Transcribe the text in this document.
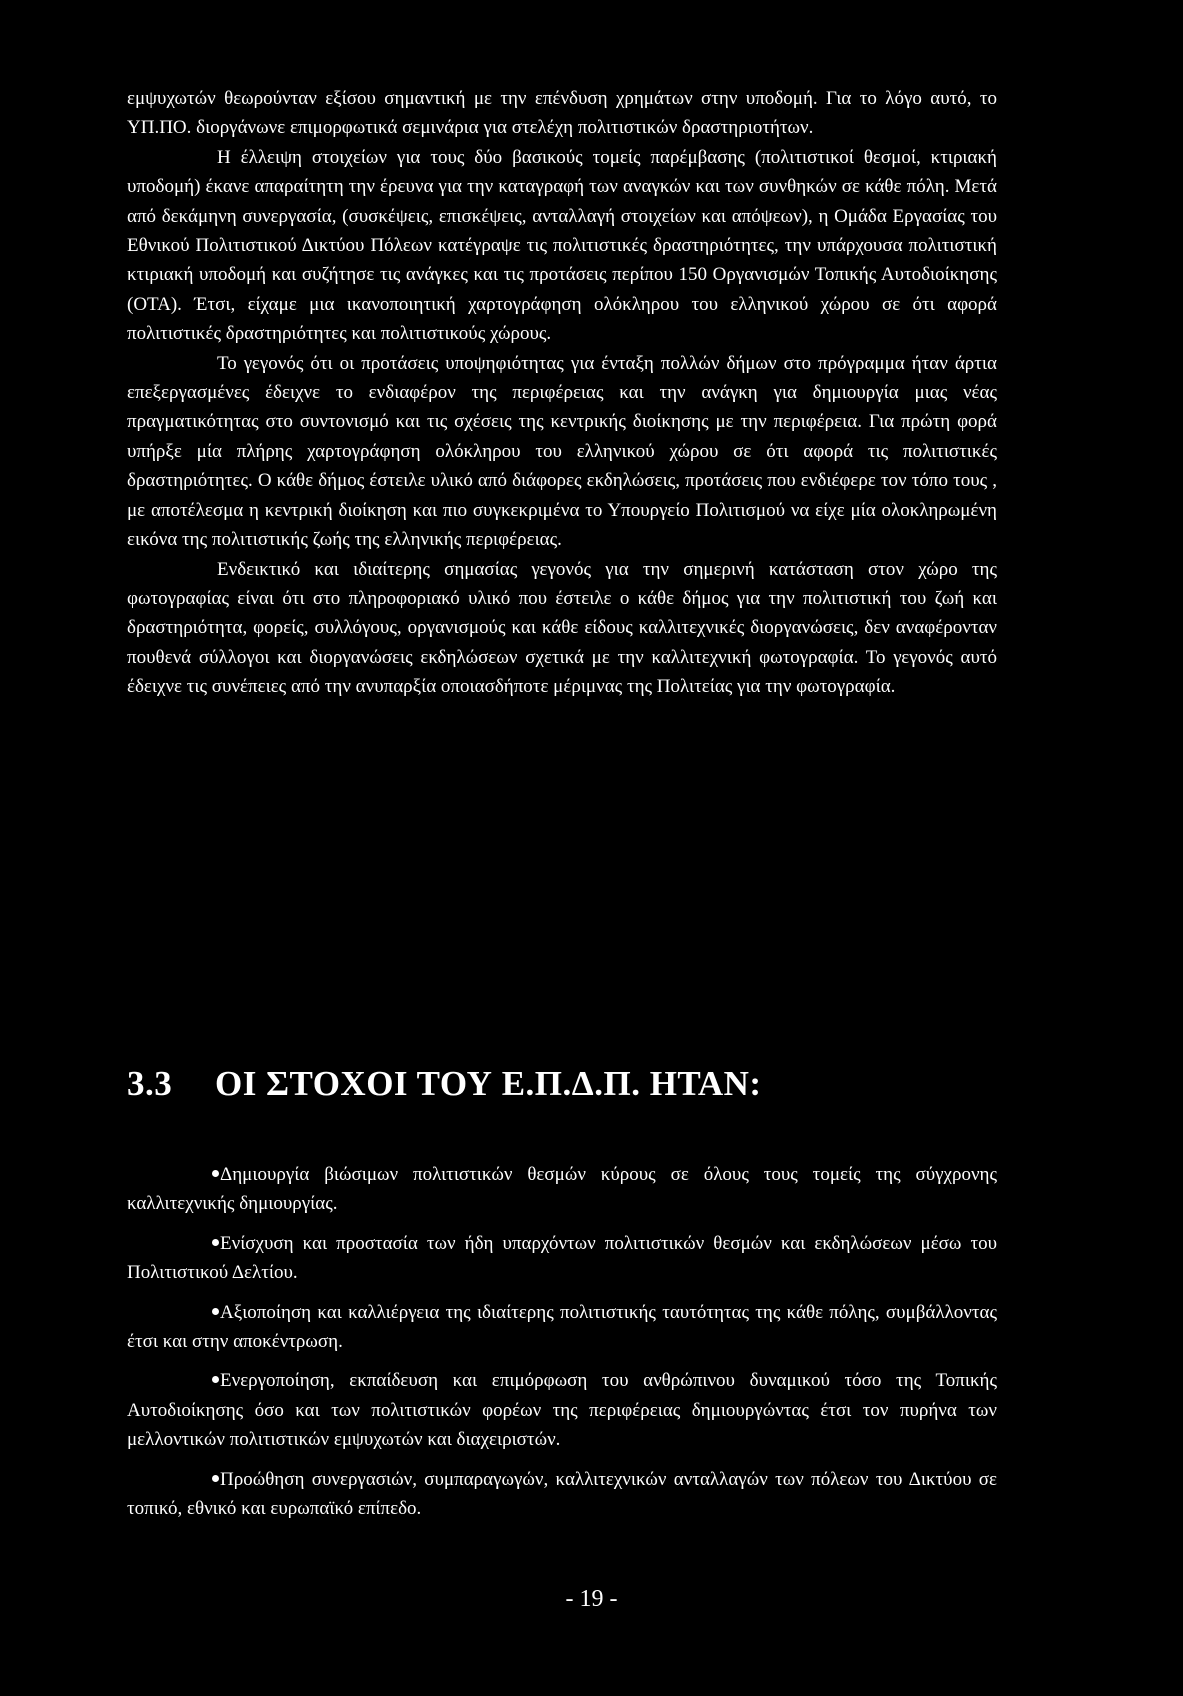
εμψυχωτών θεωρούνταν εξίσου σημαντική με την επένδυση χρημάτων στην υποδομή. Για το λόγο αυτό, το ΥΠ.ΠΟ. διοργάνωνε επιμορφωτικά σεμινάρια για στελέχη πολιτιστικών δραστηριοτήτων.

Η έλλειψη στοιχείων για τους δύο βασικούς τομείς παρέμβασης (πολιτιστικοί θεσμοί, κτιριακή υποδομή) έκανε απαραίτητη την έρευνα για την καταγραφή των αναγκών και των συνθηκών σε κάθε πόλη. Μετά από δεκάμηνη συνεργασία, (συσκέψεις, επισκέψεις, ανταλλαγή στοιχείων και απόψεων), η Ομάδα Εργασίας του Εθνικού Πολιτιστικού Δικτύου Πόλεων κατέγραψε τις πολιτιστικές δραστηριότητες, την υπάρχουσα πολιτιστική κτιριακή υποδομή και συζήτησε τις ανάγκες και τις προτάσεις περίπου 150 Οργανισμών Τοπικής Αυτοδιοίκησης (ΟΤΑ). Έτσι, είχαμε μια ικανοποιητική χαρτογράφηση ολόκληρου του ελληνικού χώρου σε ότι αφορά πολιτιστικές δραστηριότητες και πολιτιστικούς χώρους.

Το γεγονός ότι οι προτάσεις υποψηφιότητας για ένταξη πολλών δήμων στο πρόγραμμα ήταν άρτια επεξεργασμένες έδειχνε το ενδιαφέρον της περιφέρειας και την ανάγκη για δημιουργία μιας νέας πραγματικότητας στο συντονισμό και τις σχέσεις της κεντρικής διοίκησης με την περιφέρεια. Για πρώτη φορά υπήρξε μία πλήρης χαρτογράφηση ολόκληρου του ελληνικού χώρου σε ότι αφορά τις πολιτιστικές δραστηριότητες. Ο κάθε δήμος έστειλε υλικό από διάφορες εκδηλώσεις, προτάσεις που ενδιέφερε τον τόπο τους , με αποτέλεσμα η κεντρική διοίκηση και πιο συγκεκριμένα το Υπουργείο Πολιτισμού να είχε μία ολοκληρωμένη εικόνα της πολιτιστικής ζωής της ελληνικής περιφέρειας.

Ενδεικτικό και ιδιαίτερης σημασίας γεγονός για την σημερινή κατάσταση στον χώρο της φωτογραφίας είναι ότι στο πληροφοριακό υλικό που έστειλε ο κάθε δήμος για την πολιτιστική του ζωή και δραστηριότητα, φορείς, συλλόγους, οργανισμούς και κάθε είδους καλλιτεχνικές διοργανώσεις, δεν αναφέρονταν πουθενά σύλλογοι και διοργανώσεις εκδηλώσεων σχετικά με την καλλιτεχνική φωτογραφία. Το γεγονός αυτό έδειχνε τις συνέπειες από την ανυπαρξία οποιασδήποτε μέριμνας της Πολιτείας για την φωτογραφία.

3.3 ΟΙ ΣΤΟΧΟΙ ΤΟΥ Ε.Π.Δ.Π. ΗΤΑΝ:
Δημιουργία βιώσιμων πολιτιστικών θεσμών κύρους σε όλους τους τομείς της σύγχρονης καλλιτεχνικής δημιουργίας.
Ενίσχυση και προστασία των ήδη υπαρχόντων πολιτιστικών θεσμών και εκδηλώσεων μέσω του Πολιτιστικού Δελτίου.
Αξιοποίηση και καλλιέργεια της ιδιαίτερης πολιτιστικής ταυτότητας της κάθε πόλης, συμβάλλοντας έτσι και στην αποκέντρωση.
Ενεργοποίηση, εκπαίδευση και επιμόρφωση του ανθρώπινου δυναμικού τόσο της Τοπικής Αυτοδιοίκησης όσο και των πολιτιστικών φορέων της περιφέρειας δημιουργώντας έτσι τον πυρήνα των μελλοντικών πολιτιστικών εμψυχωτών και διαχειριστών.
Προώθηση συνεργασιών, συμπαραγωγών, καλλιτεχνικών ανταλλαγών των πόλεων του Δικτύου σε τοπικό, εθνικό και ευρωπαϊκό επίπεδο.
- 19 -
